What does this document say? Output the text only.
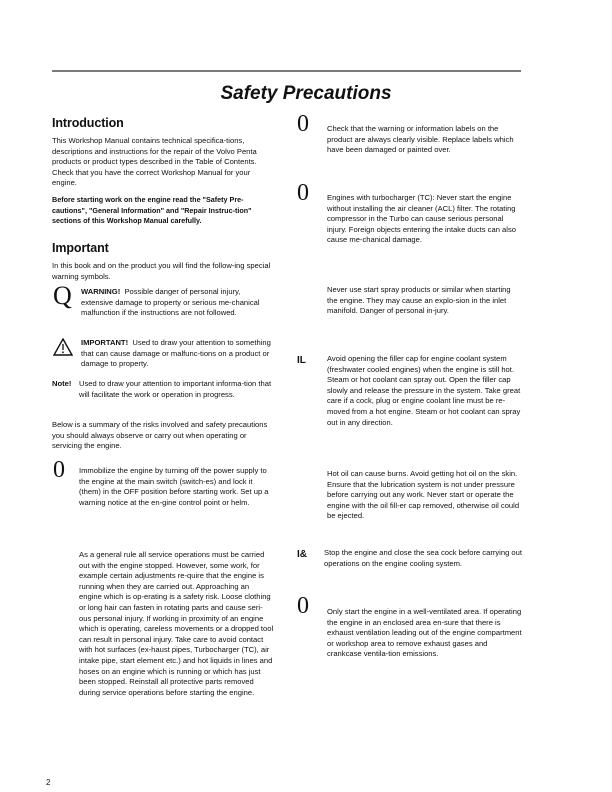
Safety Precautions
Introduction

This Workshop Manual contains technical specifica-tions, descriptions and instructions for the repair of the Volvo Penta products or product types described in the Table of Contents. Check that you have the correct Workshop Manual for your engine.

Before starting work on the engine read the "Safety Pre-cautions", "General Information" and "Repair Instruc-tion" sections of this Workshop Manual carefully.

Important

In this book and on the product you will find the follow-ing special warning symbols.

Q WARNING! Possible danger of personal injury, extensive damage to property or serious me-chanical malfunction if the instructions are not followed.

IMPORTANT! Used to draw your attention to something that can cause damage or malfunc-tions on a product or damage to property.

Note! Used to draw your attention to important informa-tion that will facilitate the work or operation in progress.

Below is a summary of the risks involved and safety precautions you should always observe or carry out when operating or servicing the engine.

0 Immobilize the engine by turning off the power supply to the engine at the main switch (switch-es) and lock it (them) in the OFF position before starting work. Set up a warning notice at the en-gine control point or helm.

As a general rule all service operations must be carried out with the engine stopped. However, some work, for example certain adjustments re-quire that the engine is running when they are carried out. Approaching an engine which is op-erating is a safety risk. Loose clothing or long hair can fasten in rotating parts and cause seri-ous personal injury. If working in proximity of an engine which is operating, careless movements or a dropped tool can result in personal injury. Take care to avoid contact with hot surfaces (ex-haust pipes, Turbocharger (TC), air intake pipe, start element etc.) and hot liquids in lines and hoses on an engine which is running or which has just been stopped. Reinstall all protective parts removed during service operations before starting the engine.

0 Check that the warning or information labels on the product are always clearly visible. Replace labels which have been damaged or painted over.

0 Engines with turbocharger (TC): Never start the engine without installing the air cleaner (ACL) filter. The rotating compressor in the Turbo can cause serious personal injury. Foreign objects entering the intake ducts can also cause me-chanical damage.

Never use start spray products or similar when starting the engine. They may cause an explo-sion in the inlet manifold. Danger of personal in-jury.

IL	Avoid opening the filler cap for engine coolant system (freshwater cooled engines) when the engine is still hot. Steam or hot coolant can spray out. Open the filler cap slowly and release the pressure in the system. Take great care if a cock, plug or engine coolant line must be re-moved from a hot engine. Steam or hot coolant can spray out in any direction.

Hot oil can cause burns. Avoid getting hot oil on the skin. Ensure that the lubrication system is not under pressure before carrying out any work. Never start or operate the engine with the oil fill-er cap removed, otherwise oil could be ejected.

I& Stop the engine and close the sea cock before carrying out operations on the engine cooling system.

0 Only start the engine in a well-ventilated area. If operating the engine in an enclosed area en-sure that there is exhaust ventilation leading out of the engine compartment or workshop area to remove exhaust gases and crankcase ventila-tion emissions.

2
